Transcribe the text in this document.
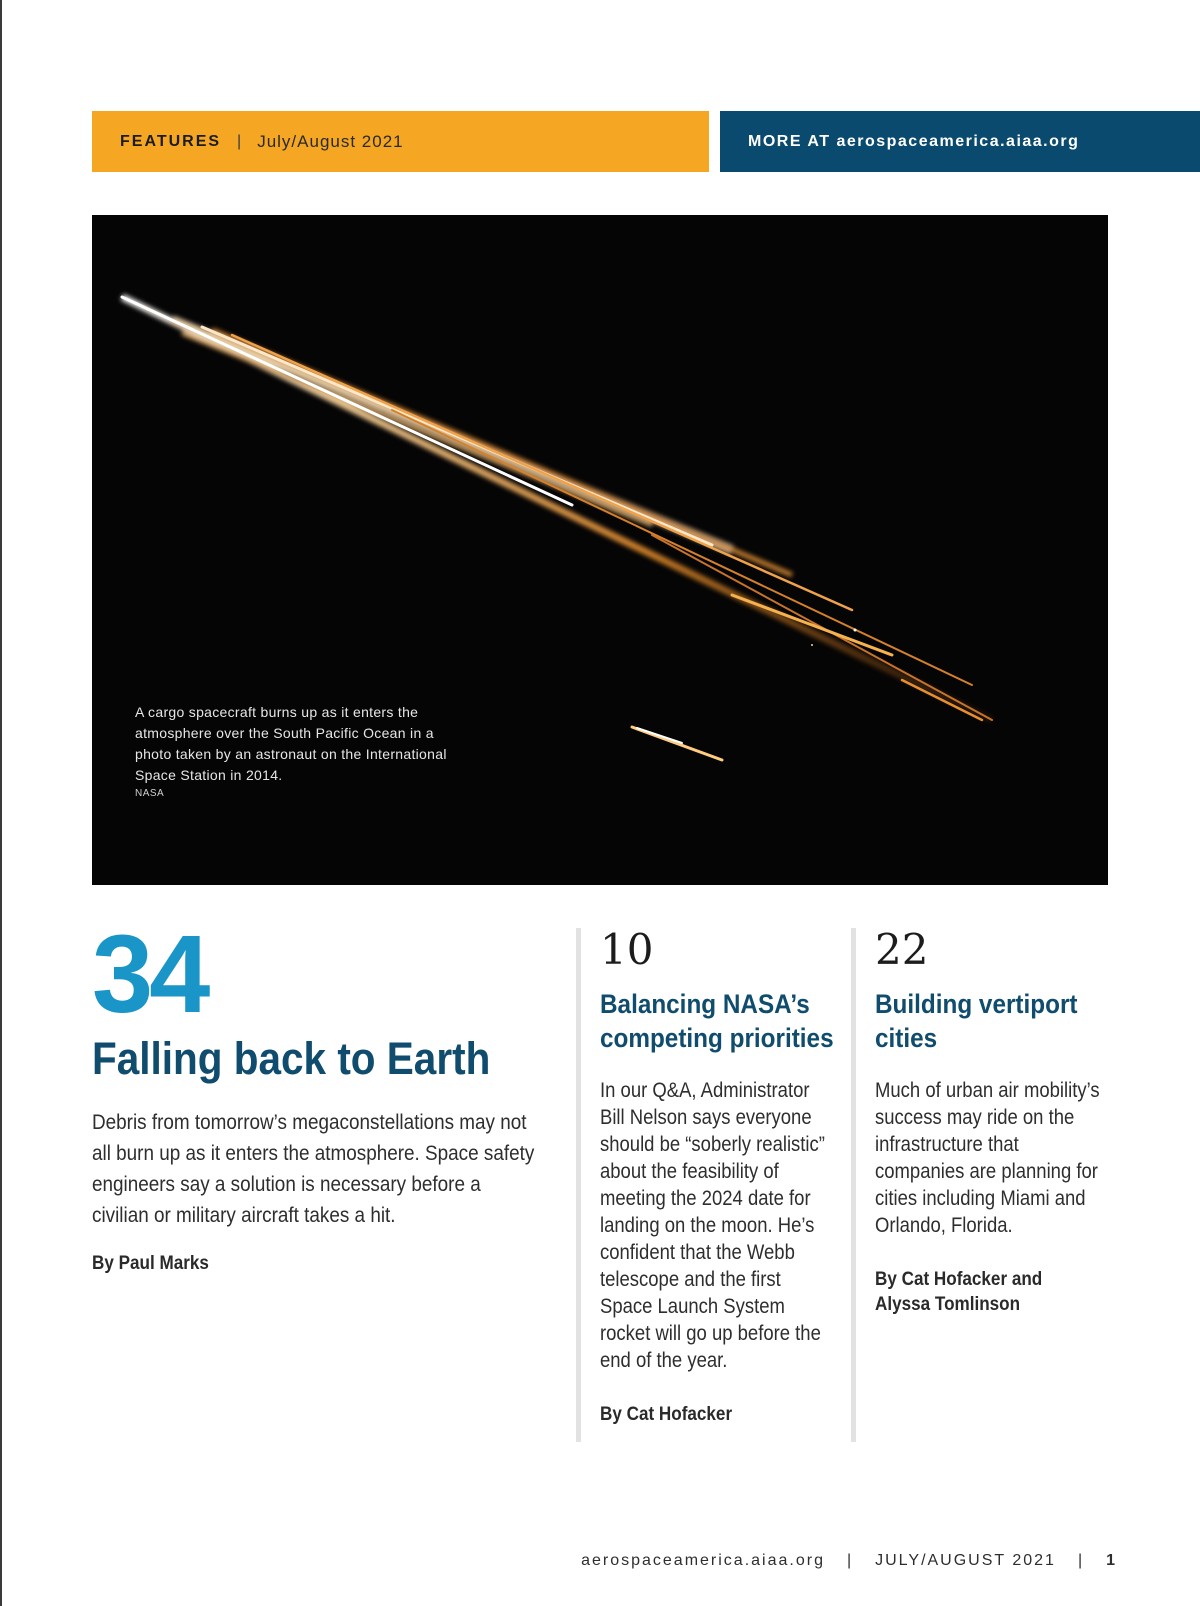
FEATURES | July/August 2021	MORE AT aerospaceamerica.aiaa.org
A cargo spacecraft burns up as it enters the atmosphere over the South Pacific Ocean in a photo taken by an astronaut on the International Space Station in 2014.
NASA
34
Falling back to Earth
Debris from tomorrow’s megaconstellations may not all burn up as it enters the atmosphere. Space safety engineers say a solution is necessary before a civilian or military aircraft takes a hit.
By Paul Marks
10
Balancing NASA’s
competing priorities
In our Q&A, Administrator Bill Nelson says everyone should be “soberly realistic” about the feasibility of meeting the 2024 date for landing on the moon. He’s confident that the Webb telescope and the first Space Launch System rocket will go up before the end of the year.
By Cat Hofacker
22
Building vertiport
cities
Much of urban air mobility’s success may ride on the infrastructure that companies are planning for cities including Miami and Orlando, Florida.
By Cat Hofacker and Alyssa Tomlinson
aerospaceamerica.aiaa.org | JULY/AUGUST 2021 | 1
